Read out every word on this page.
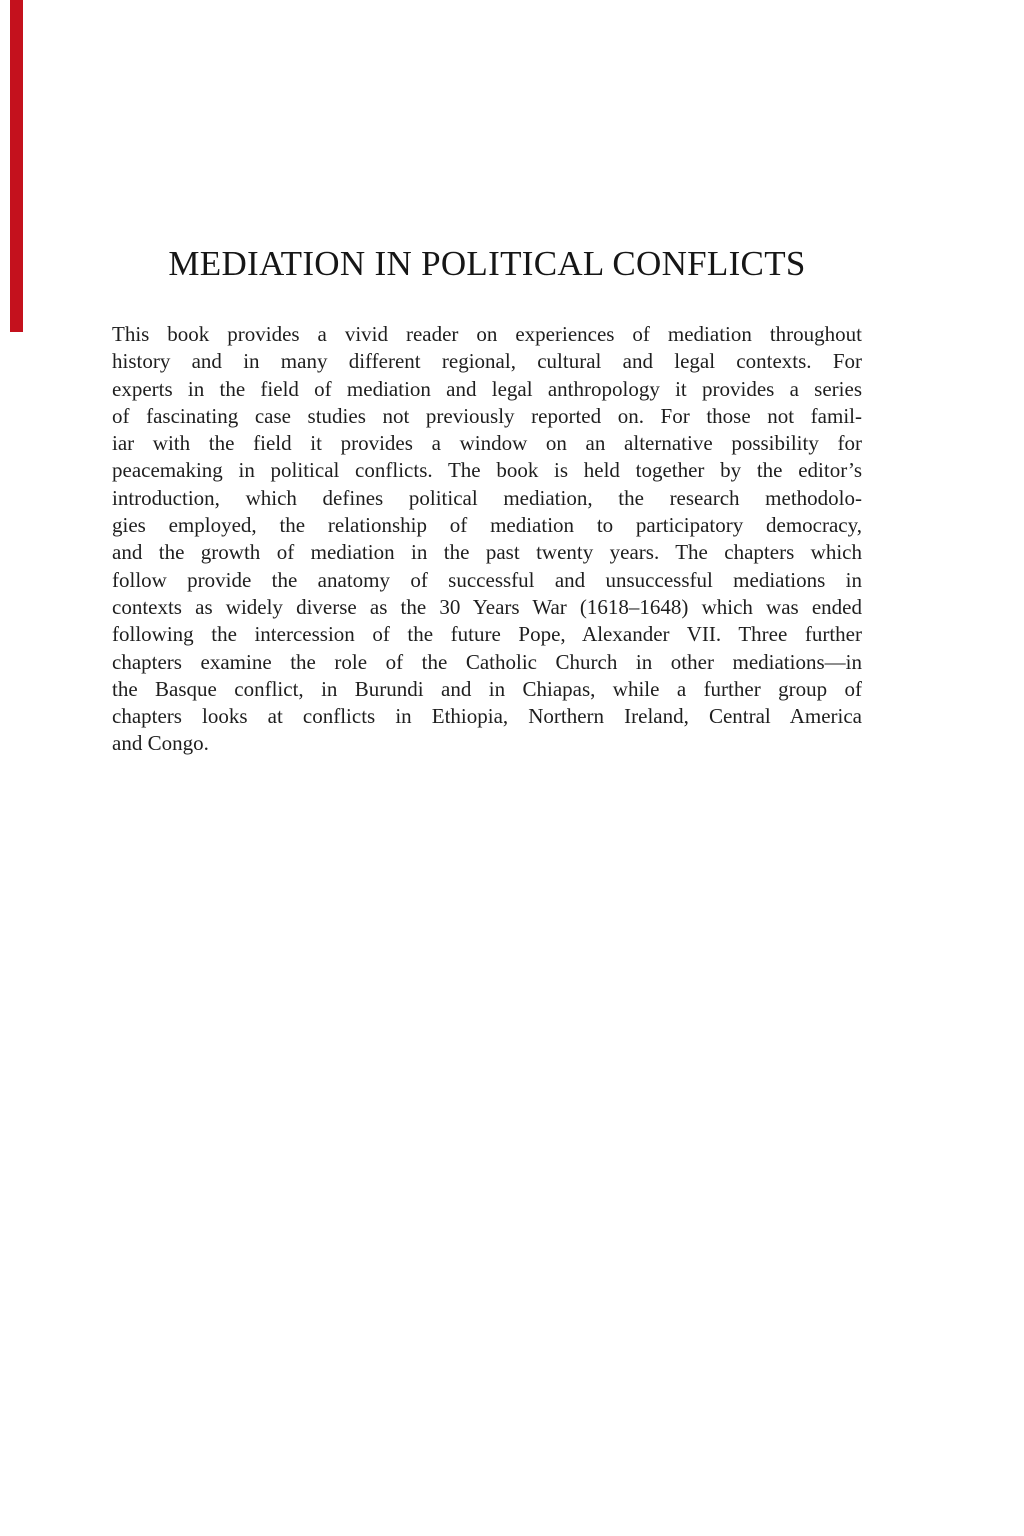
MEDIATION IN POLITICAL CONFLICTS
This book provides a vivid reader on experiences of mediation throughout
history and in many different regional, cultural and legal contexts. For
experts in the field of mediation and legal anthropology it provides a series
of fascinating case studies not previously reported on. For those not famil-
iar with the field it provides a window on an alternative possibility for
peacemaking in political conflicts. The book is held together by the editor’s
introduction, which defines political mediation, the research methodolo-
gies employed, the relationship of mediation to participatory democracy,
and the growth of mediation in the past twenty years. The chapters which
follow provide the anatomy of successful and unsuccessful mediations in
contexts as widely diverse as the 30 Years War (1618–1648) which was ended
following the intercession of the future Pope, Alexander VII. Three further
chapters examine the role of the Catholic Church in other mediations—in
the Basque conflict, in Burundi and in Chiapas, while a further group of
chapters looks at conflicts in Ethiopia, Northern Ireland, Central America
and Congo.
